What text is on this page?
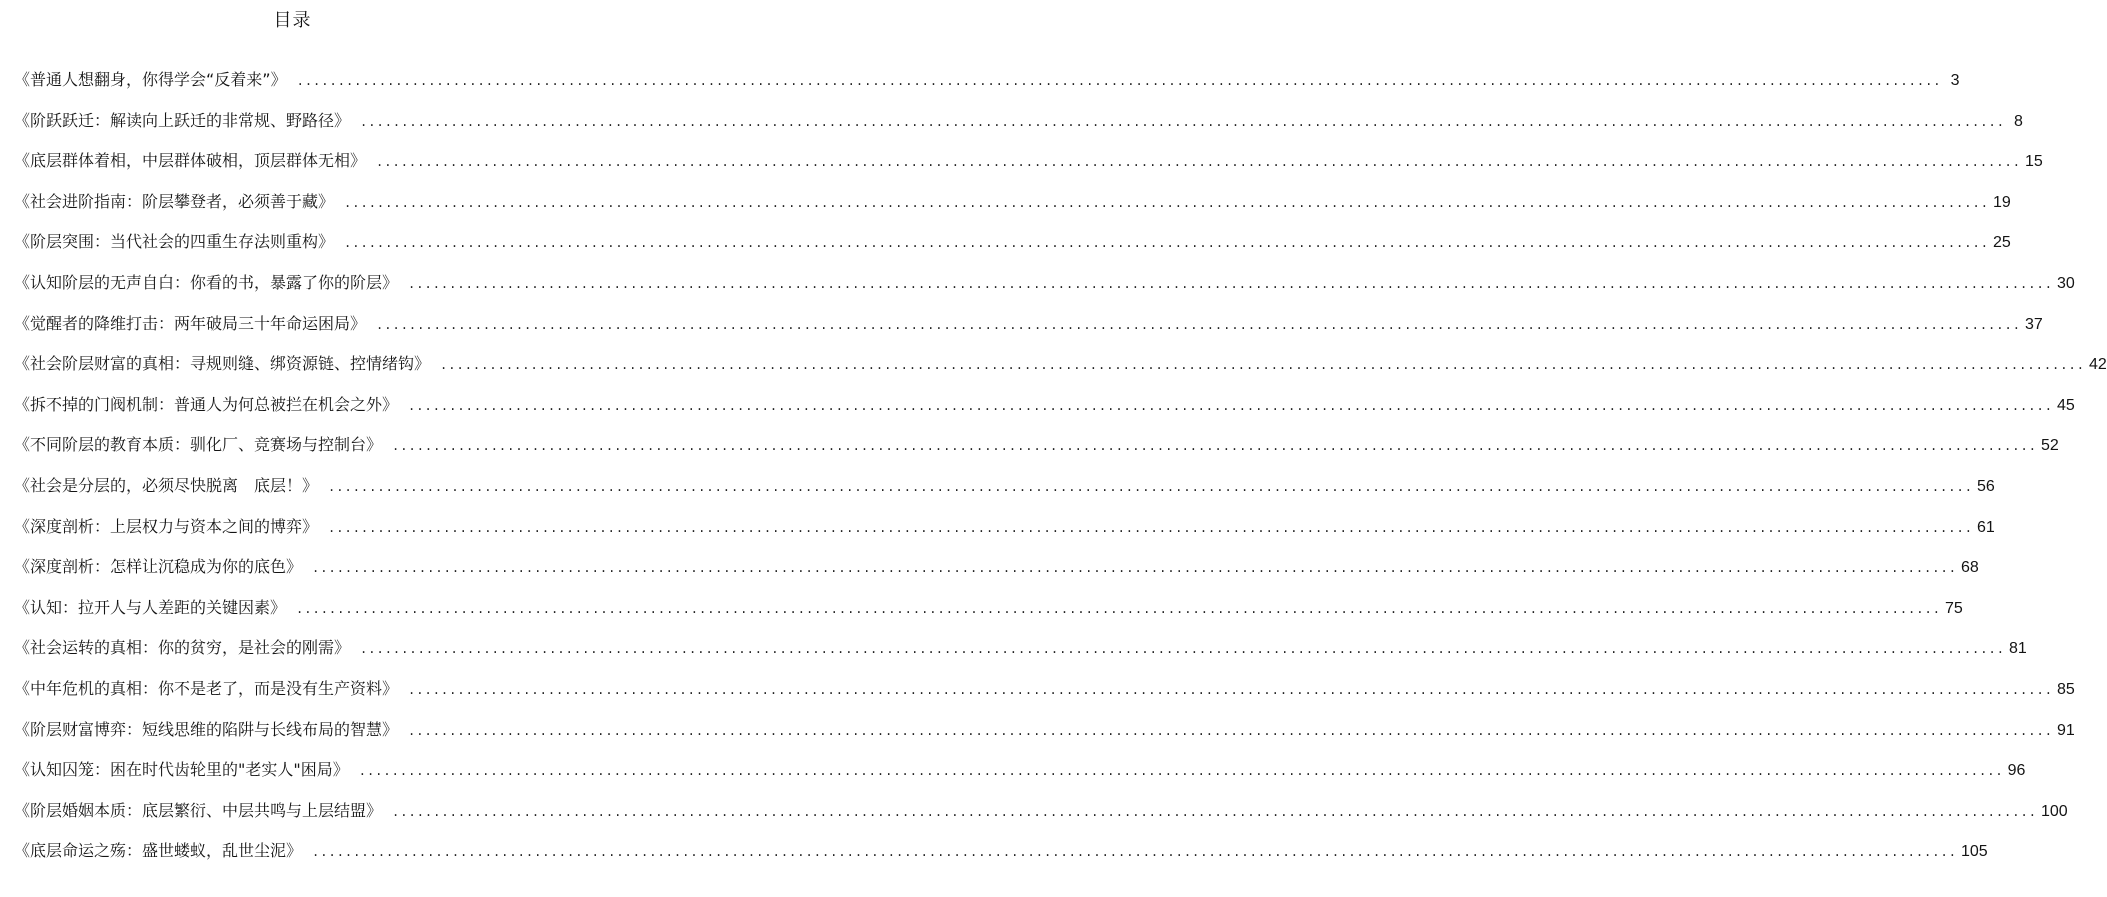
目录
《普通人想翻身，你得学会“反着来”》 ........................................................................................................................................................................................................ 3
《阶跃跃迁：解读向上跃迁的非常规、野路径》 ........................................................................................................................................................................................................ 8
《底层群体着相，中层群体破相，顶层群体无相》 ........................................................................................................................................................................................................ 15
《社会进阶指南：阶层攀登者，必须善于藏》 ........................................................................................................................................................................................................ 19
《阶层突围：当代社会的四重生存法则重构》 ........................................................................................................................................................................................................ 25
《认知阶层的无声自白：你看的书，暴露了你的阶层》 ........................................................................................................................................................................................................ 30
《觉醒者的降维打击：两年破局三十年命运困局》 ........................................................................................................................................................................................................ 37
《社会阶层财富的真相：寻规则缝、绑资源链、控情绪钩》 ........................................................................................................................................................................................................ 42
《拆不掉的门阀机制：普通人为何总被拦在机会之外》 ........................................................................................................................................................................................................ 45
《不同阶层的教育本质：驯化厂、竞赛场与控制台》 ........................................................................................................................................................................................................ 52
《社会是分层的，必须尽快脱离　底层！》 ........................................................................................................................................................................................................ 56
《深度剖析：上层权力与资本之间的博弈》 ........................................................................................................................................................................................................ 61
《深度剖析：怎样让沉稳成为你的底色》 ........................................................................................................................................................................................................ 68
《认知：拉开人与人差距的关键因素》 ........................................................................................................................................................................................................ 75
《社会运转的真相：你的贫穷，是社会的刚需》 ........................................................................................................................................................................................................ 81
《中年危机的真相：你不是老了，而是没有生产资料》 ........................................................................................................................................................................................................ 85
《阶层财富博弈：短线思维的陷阱与长线布局的智慧》 ........................................................................................................................................................................................................ 91
《认知囚笼：困在时代齿轮里的"老实人"困局》 ........................................................................................................................................................................................................ 96
《阶层婚姻本质：底层繁衍、中层共鸣与上层结盟》 ........................................................................................................................................................................................................ 100
《底层命运之殇：盛世蝼蚁，乱世尘泥》 ........................................................................................................................................................................................................ 105
